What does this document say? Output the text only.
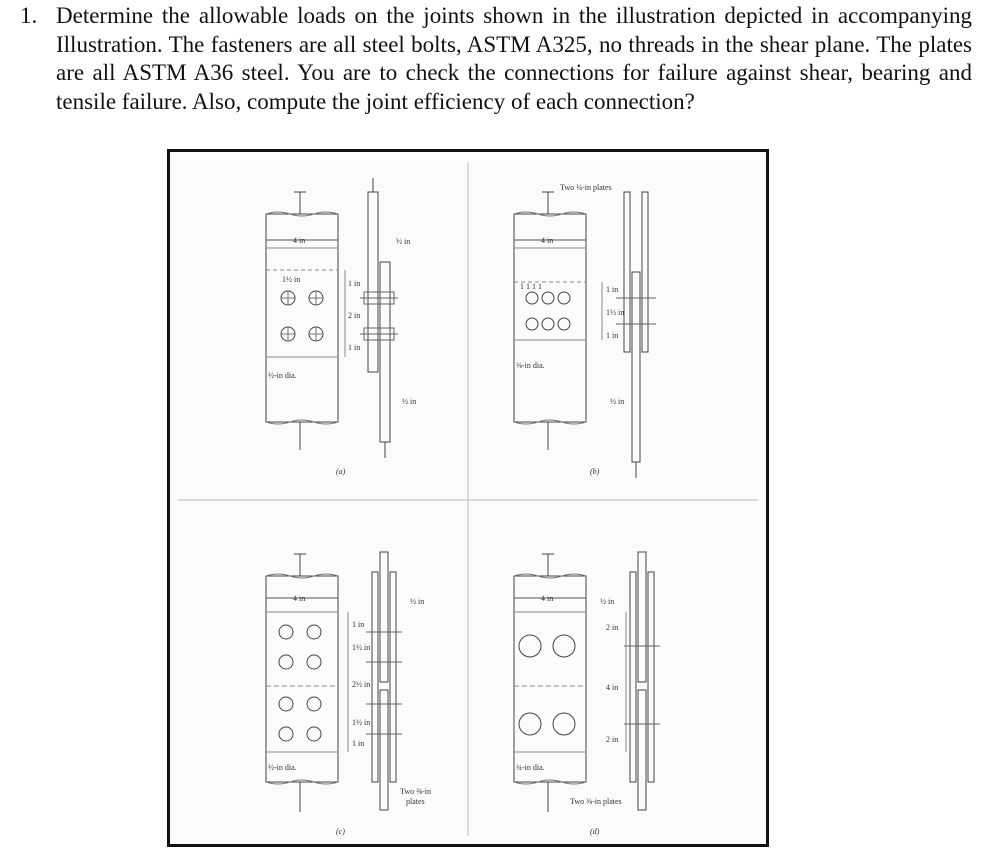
1. Determine the allowable loads on the joints shown in the illustration depicted in accompanying Illustration. The fasteners are all steel bolts, ASTM A325, no threads in the shear plane. The plates are all ASTM A36 steel. You are to check the connections for failure against shear, bearing and tensile failure. Also, compute the joint efficiency of each connection?
4 in
1½ in
½-in dia.
1 in
2 in
1 in
½ in
½ in
(a)
4 in
1 1 1 1
⅜-in dia.
Two ¼-in plates
1 in
1½ in
1 in
½ in
(b)
4 in
½-in dia.
1 in
1½ in
2½ in
1½ in
1 in
½ in
Two ⅜-in
plates
(c)
4 in
¾-in dia.
2 in
4 in
2 in
½ in
Two ⅜-in plates
(d)
